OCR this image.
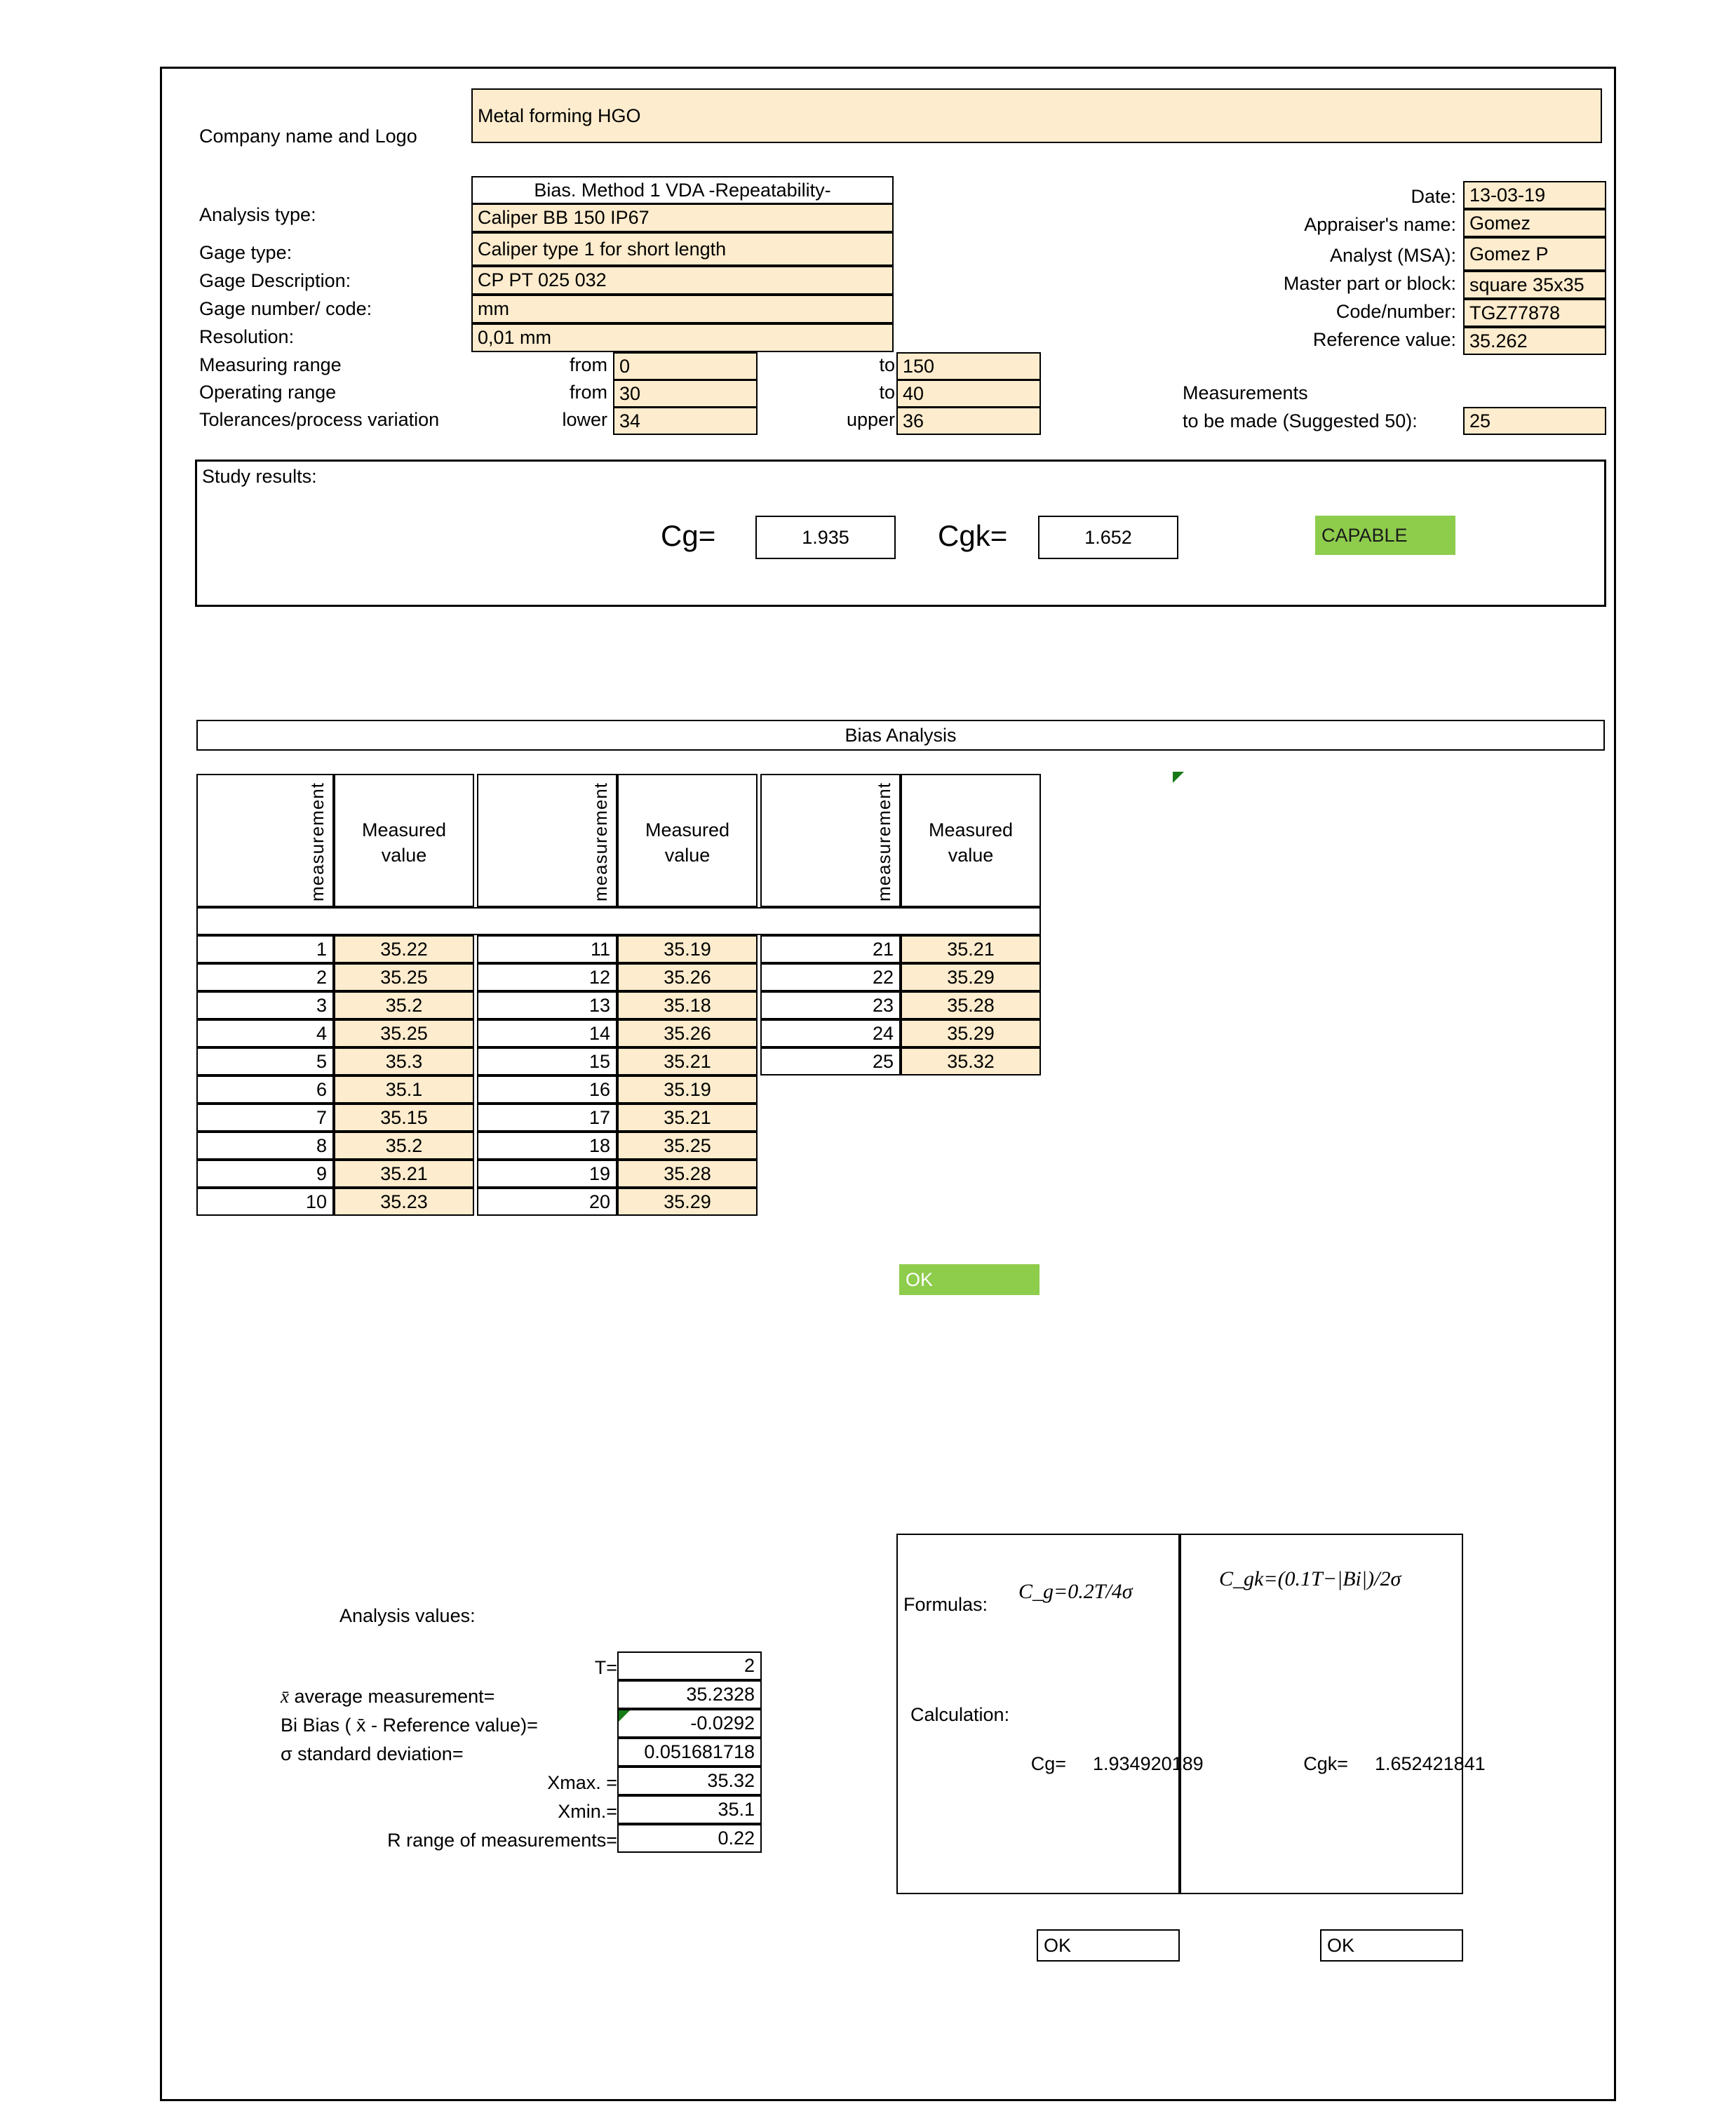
Company name and Logo
Metal forming HGO
Bias. Method 1 VDA -Repeatability-
Analysis type:	Caliper BB 150 IP67
Gage type:	Caliper type 1 for short length
Gage Description:	CP PT 025 032
Gage number/ code:	mm
Resolution:	0,01 mm
Measuring range	from 0	to 150
Operating range	from 30	to 40
Tolerances/process variation	lower 34	upper 36
Date: 13-03-19
Appraiser's name: Gomez
Analyst (MSA): Gomez P
Master part or block: square 35x35
Code/number: TGZ77878
Reference value: 35.262
Measurements
to be made (Suggested 50):	25
Study results:
Cg=	1.935	Cgk=	1.652	CAPABLE
Bias Analysis
measurement	Measured
value	measurement	Measured
value	measurement	Measured
value
1	35.22
2	35.25
3	35.2
4	35.25
5	35.3
6	35.1
7	35.15
8	35.2
9	35.21
10	35.23
11	35.19
12	35.26
13	35.18
14	35.26
15	35.21
16	35.19
17	35.21
18	35.25
19	35.28
20	35.29
21	35.21
22	35.29
23	35.28
24	35.29
25	35.32
OK
Analysis values:
T=	2
x̄ average measurement=	35.2328
Bi Bias ( x̄ - Reference value)=	-0.0292
σ standard deviation=	0.051681718
Xmax. =	35.32
Xmin.=	35.1
R range of measurements=	0.22
Formulas:
C_g=0.2T/4σ
C_gk=(0.1T−|Bi|)/2σ
Calculation:
Cg= 1.934920189	Cgk= 1.652421841
OK	OK
